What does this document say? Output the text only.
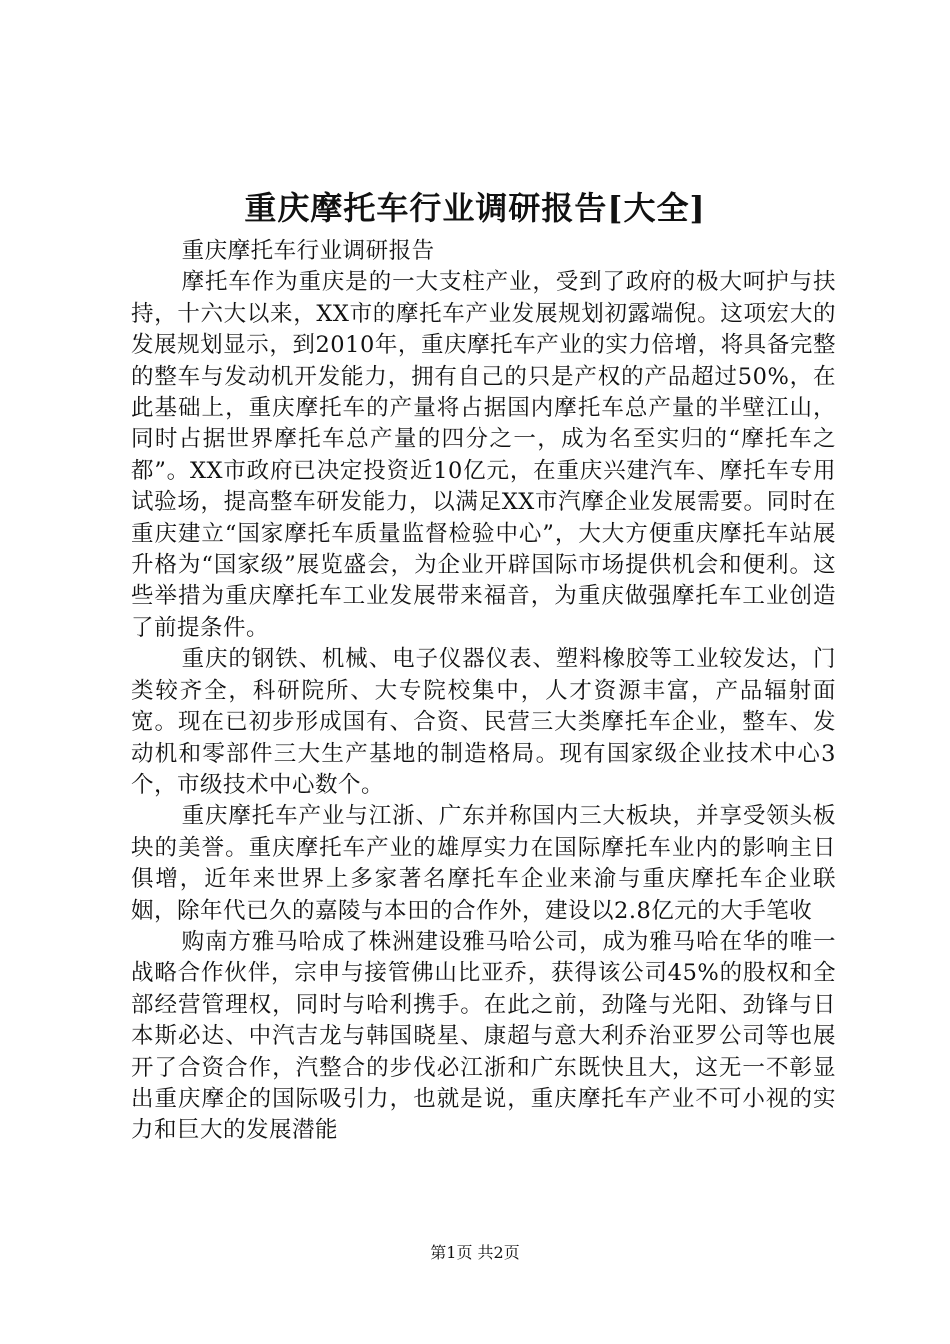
重庆摩托车行业调研报告[大全]

重庆摩托车行业调研报告

摩托车作为重庆是的一大支柱产业，受到了政府的极大呵护与扶持，十六大以来，XX市的摩托车产业发展规划初露端倪。这项宏大的发展规划显示，到2010年，重庆摩托车产业的实力倍增，将具备完整的整车与发动机开发能力，拥有自己的只是产权的产品超过50%，在此基础上，重庆摩托车的产量将占据国内摩托车总产量的半壁江山，同时占据世界摩托车总产量的四分之一，成为名至实归的“摩托车之都”。XX市政府已决定投资近10亿元，在重庆兴建汽车、摩托车专用试验场，提高整车研发能力，以满足XX市汽摩企业发展需要。同时在重庆建立“国家摩托车质量监督检验中心”，大大方便重庆摩托车站展升格为“国家级”展览盛会，为企业开辟国际市场提供机会和便利。这些举措为重庆摩托车工业发展带来福音，为重庆做强摩托车工业创造了前提条件。

重庆的钢铁、机械、电子仪器仪表、塑料橡胶等工业较发达，门类较齐全，科研院所、大专院校集中，人才资源丰富，产品辐射面宽。现在已初步形成国有、合资、民营三大类摩托车企业，整车、发动机和零部件三大生产基地的制造格局。现有国家级企业技术中心3个，市级技术中心数个。

重庆摩托车产业与江浙、广东并称国内三大板块，并享受领头板块的美誉。重庆摩托车产业的雄厚实力在国际摩托车业内的影响主日俱增，近年来世界上多家著名摩托车企业来渝与重庆摩托车企业联姻，除年代已久的嘉陵与本田的合作外，建设以2.8亿元的大手笔收

购南方雅马哈成了株洲建设雅马哈公司，成为雅马哈在华的唯一战略合作伙伴，宗申与接管佛山比亚乔，获得该公司45%的股权和全部经营管理权，同时与哈利携手。在此之前，劲隆与光阳、劲锋与日本斯必达、中汽吉龙与韩国晓星、康超与意大利乔治亚罗公司等也展开了合资合作，汽整合的步伐必江浙和广东既快且大，这无一不彰显出重庆摩企的国际吸引力，也就是说，重庆摩托车产业不可小视的实力和巨大的发展潜能

第1页 共2页
